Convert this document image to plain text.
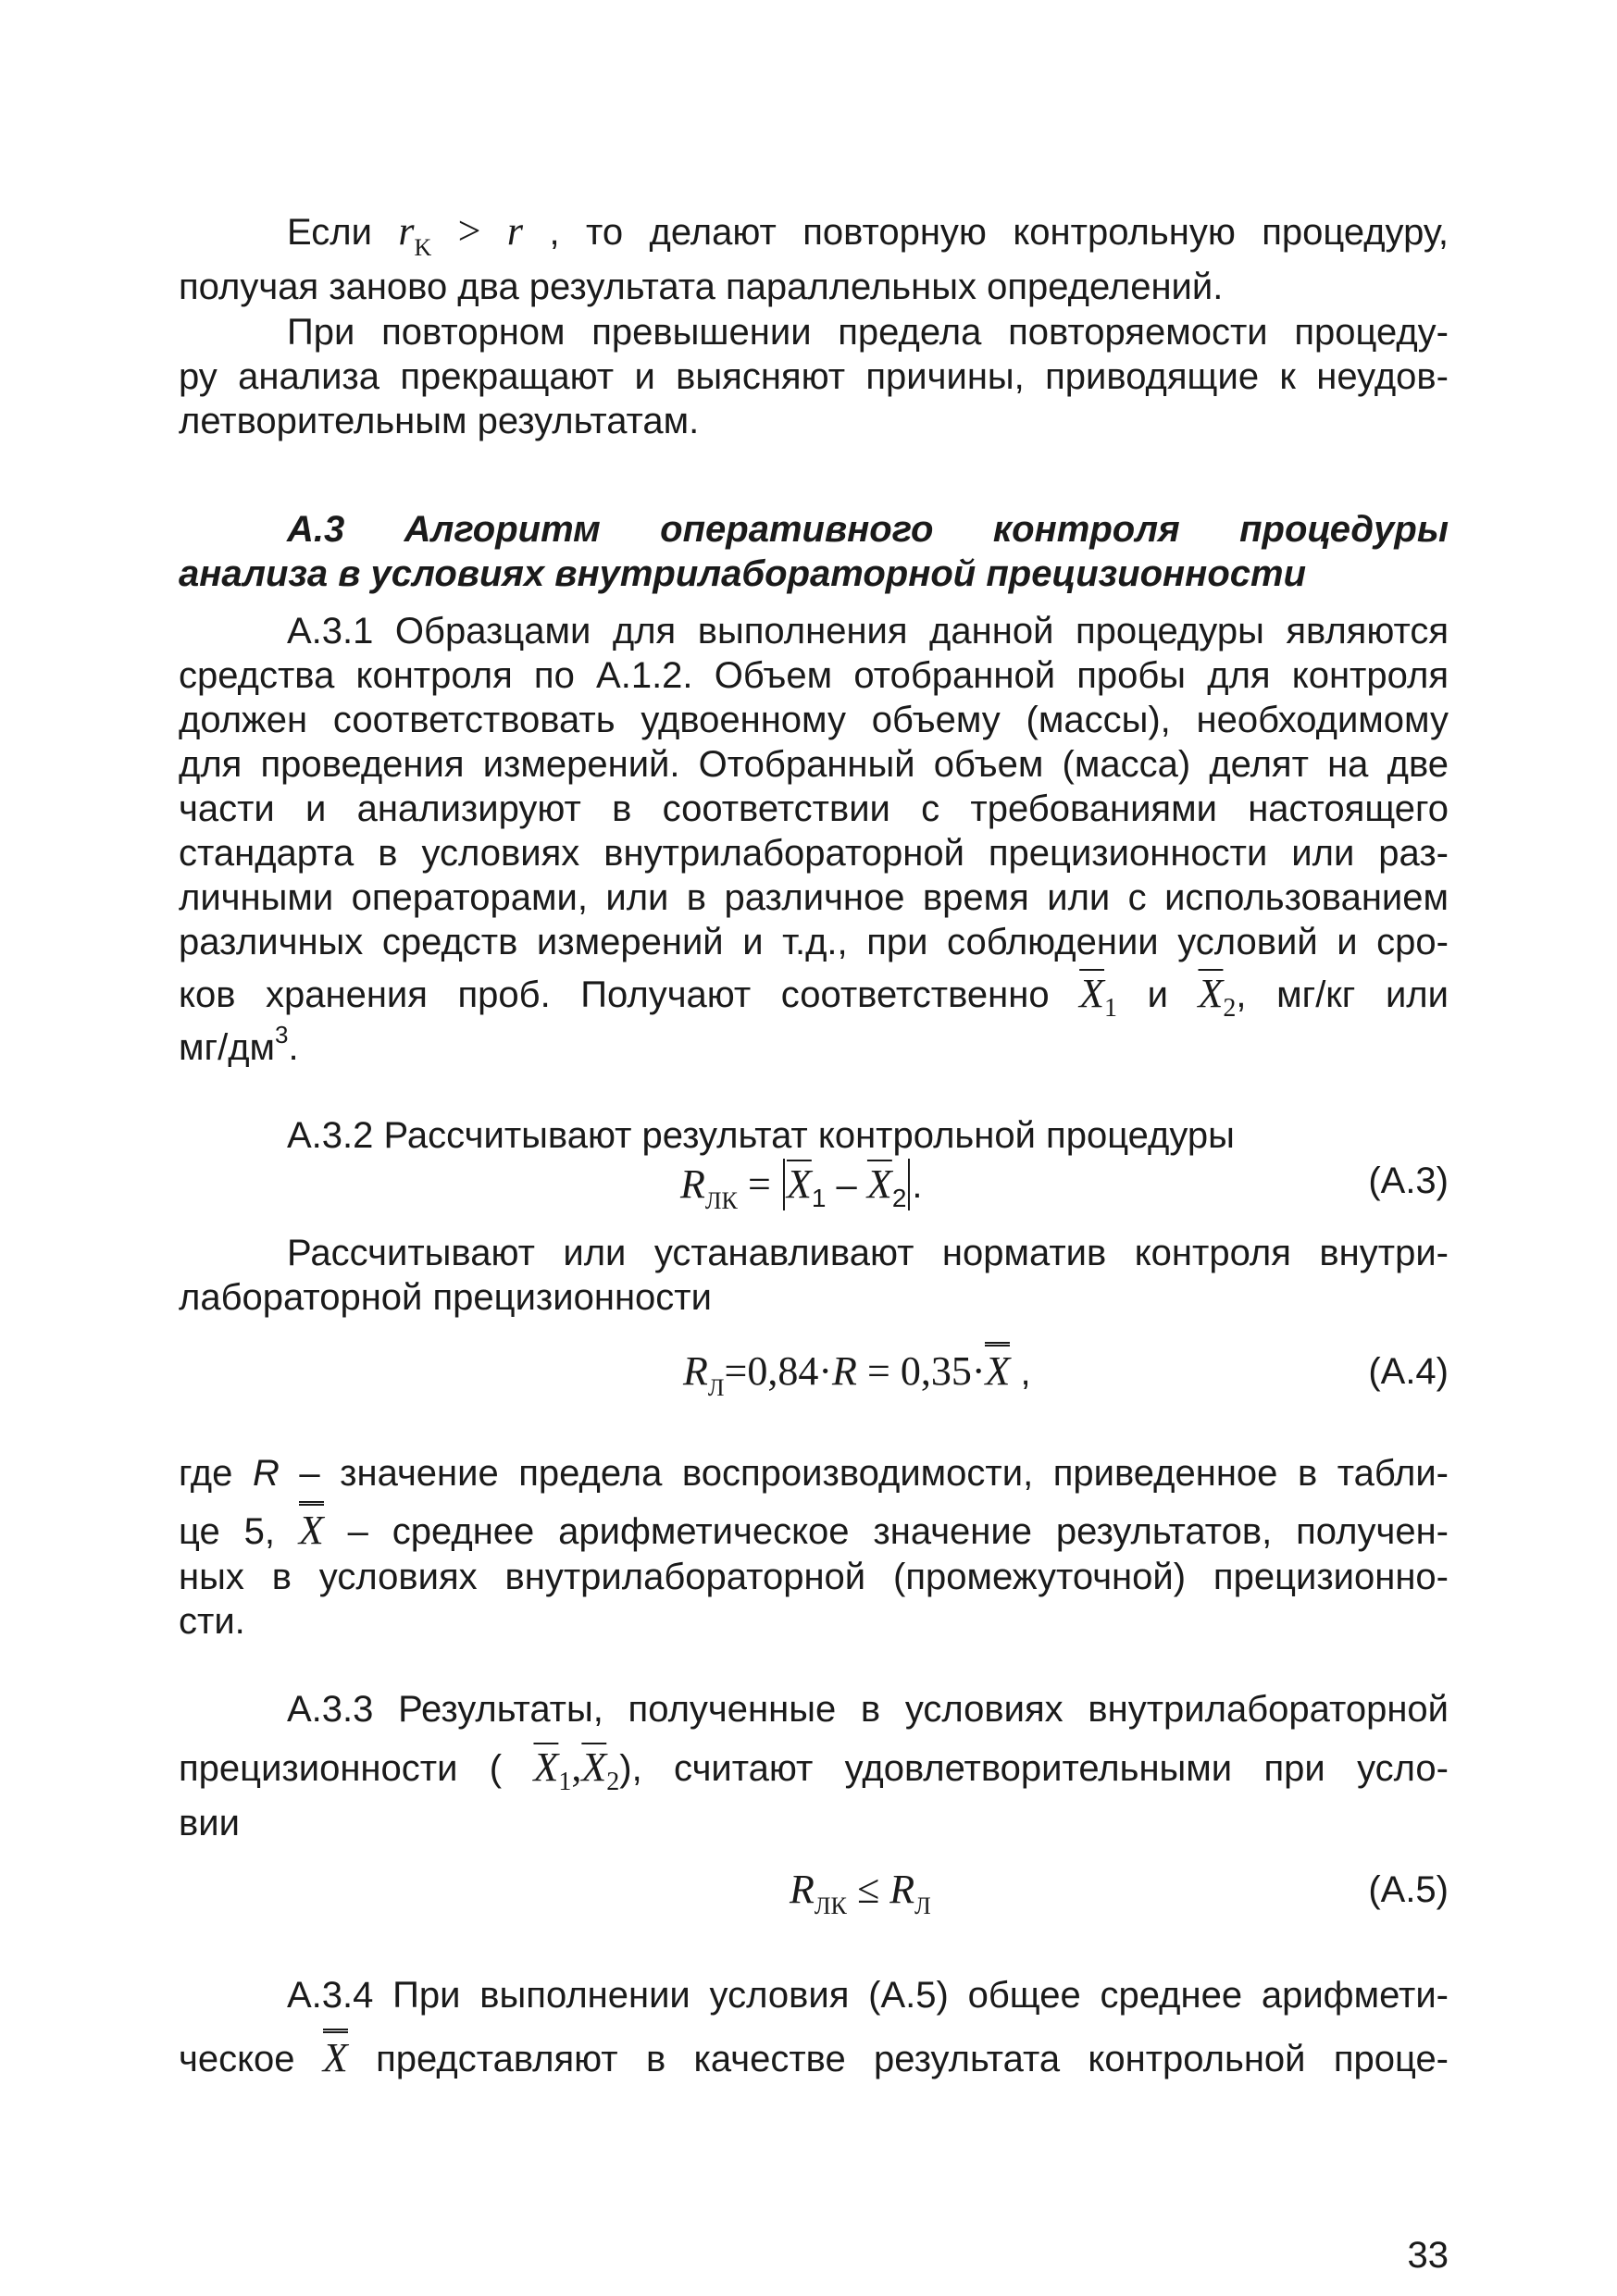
Если $r_K > r$ , то делают повторную контрольную процедуру,
получая заново два результата параллельных определений.
При повторном превышении предела повторяемости процеду-
ру анализа прекращают и выясняют причины, приводящие к неудов-
летворительным результатам.
А.3 Алгоритм оперативного контроля процедуры
анализа в условиях внутрилабораторной прецизионности
А.3.1 Образцами для выполнения данной процедуры являются
средства контроля по А.1.2. Объем отобранной пробы для контроля
должен соответствовать удвоенному объему (массы), необходимому
для проведения измерений. Отобранный объем (масса) делят на две
части и анализируют в соответствии с требованиями настоящего
стандарта в условиях внутрилабораторной прецизионности или раз-
личными операторами, или в различное время или с использованием
различных средств измерений и т.д., при соблюдении условий и сро-
ков хранения проб. Получают соответственно $\overline{X}_1$ и $\overline{X}_2$, мг/кг или
$мг/дм^3$.
А.3.2 Рассчитывают результат контрольной процедуры
$R_{ЛК} = \overline{X}_1 - \overline{X}_2$ .	(А.3)
Рассчитывают или устанавливают норматив контроля внутри-
лабораторной прецизионности
$R_Л=0,84\cdot R = 0,35\cdot X$ ,	(А.4)
где R – значение предела воспроизводимости, приведенное в табли-
це 5, X – среднее арифметическое значение результатов, получен-
ных в условиях внутрилабораторной (промежуточной) прецизионно-
сти.
А.3.3 Результаты, полученные в условиях внутрилабораторной
прецизионности ( $\overline{X}_1,\overline{X}_2$), считают удовлетворительными при усло-
вии
$R_{ЛК} \le R_Л$	(А.5)
А.3.4 При выполнении условия (А.5) общее среднее арифмети-
ческое X представляют в качестве результата контрольной проце-
33
